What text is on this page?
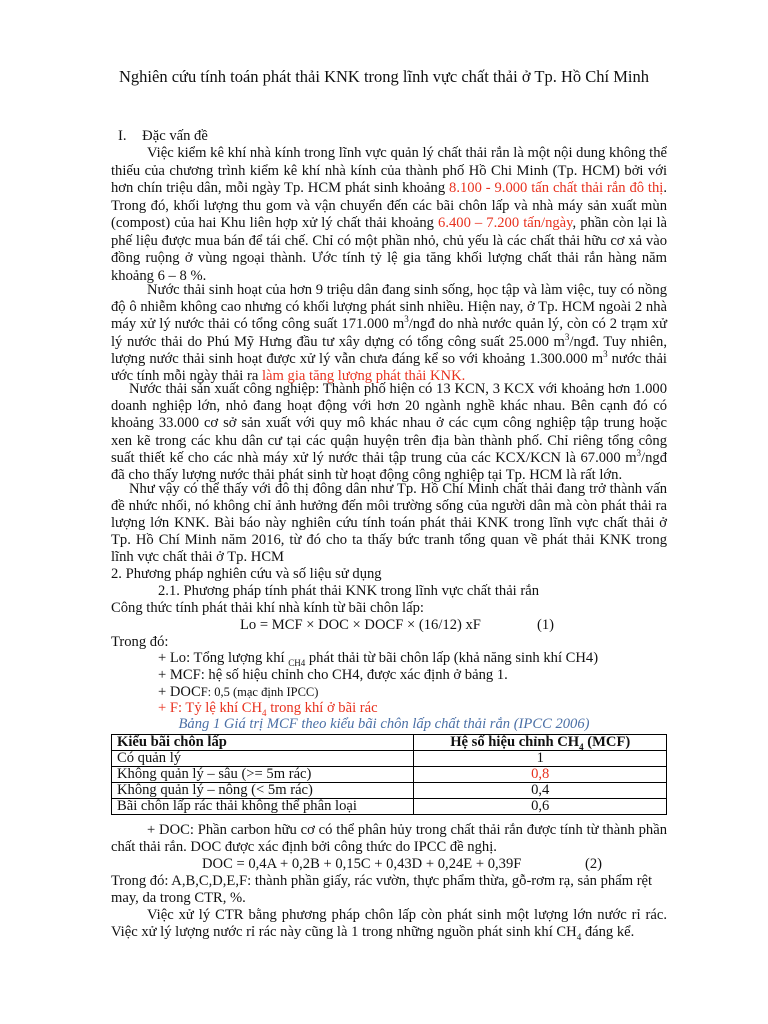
Nghiên cứu tính toán phát thải KNK trong lĩnh vực chất thải ở Tp. Hồ Chí Minh
I. Đặc vấn đề

Việc kiểm kê khí nhà kính trong lĩnh vực quản lý chất thải rắn là một nội dung không thể thiếu của chương trình kiểm kê khí nhà kính của thành phố Hồ Chi Minh (Tp. HCM) bởi với hơn chín triệu dân, mỗi ngày Tp. HCM phát sinh khoảng 8.100 - 9.000 tấn chất thải rắn đô thị. Trong đó, khối lượng thu gom và vận chuyển đến các bãi chôn lấp và nhà máy sản xuất mùn (compost) của hai Khu liên hợp xử lý chất thải khoảng 6.400 – 7.200 tấn/ngày, phần còn lại là phế liệu được mua bán để tái chế. Chỉ có một phần nhỏ, chủ yếu là các chất thải hữu cơ xả vào đồng ruộng ở vùng ngoại thành. Ước tính tỷ lệ gia tăng khối lượng chất thải rắn hàng năm khoảng 6 – 8 %.

Nước thải sinh hoạt của hơn 9 triệu dân đang sinh sống, học tập và làm việc, tuy có nồng độ ô nhiễm không cao nhưng có khối lượng phát sinh nhiều. Hiện nay, ở Tp. HCM ngoài 2 nhà máy xử lý nước thải có tổng công suất 171.000 $m^3$/ngđ do nhà nước quản lý, còn có 2 trạm xử lý nước thải do Phú Mỹ Hưng đầu tư xây dựng có tổng công suất 25.000 $m^3$/ngđ. Tuy nhiên, lượng nước thải sinh hoạt được xử lý vẫn chưa đáng kể so với khoảng 1.300.000 $m^3$ nước thải ước tính mỗi ngày thải ra làm gia tăng lượng phát thải KNK.

Nước thải sản xuất công nghiệp: Thành phố hiện có 13 KCN, 3 KCX với khoảng hơn 1.000 doanh nghiệp lớn, nhỏ đang hoạt động với hơn 20 ngành nghề khác nhau. Bên cạnh đó có khoảng 33.000 cơ sở sản xuất với quy mô khác nhau ở các cụm công nghiệp tập trung hoặc xen kẽ trong các khu dân cư tại các quận huyện trên địa bàn thành phố. Chỉ riêng tổng công suất thiết kế cho các nhà máy xử lý nước thải tập trung của các KCX/KCN là 67.000 $m^3$/ngđ đã cho thấy lượng nước thải phát sinh từ hoạt động công nghiệp tại Tp. HCM là rất lớn.

Như vậy có thể thấy với đô thị đông dân như Tp. Hồ Chí Minh chất thải đang trở thành vấn đề nhức nhối, nó không chỉ ảnh hưởng đến môi trường sống của người dân mà còn phát thải ra lượng lớn KNK. Bài báo này nghiên cứu tính toán phát thải KNK trong lĩnh vực chất thải ở Tp. Hồ Chí Minh năm 2016, từ đó cho ta thấy bức tranh tổng quan về phát thải KNK trong lĩnh vực chất thải ở Tp. HCM

2. Phương pháp nghiên cứu và số liệu sử dụng
2.1. Phương pháp tính phát thải KNK trong lĩnh vực chất thải rắn
Công thức tính phát thải khí nhà kính từ bãi chôn lấp:
Lo = MCF × DOC × DOCF × (16/12) xF	(1)
Trong đó:
+ Lo: Tổng lượng khí $_{CH4}$ phát thải từ bãi chôn lấp (khả năng sinh khí CH4)
+ MCF: hệ số hiệu chỉnh cho CH4, được xác định ở bảng 1.
+ DOCF: 0,5 (mạc định IPCC)
+ F: Tỷ lệ khí $CH_4$ trong khí ở bãi rác
Bảng 1 Giá trị MCF theo kiểu bãi chôn lấp chất thải rắn (IPCC 2006)
Kiểu bãi chôn lấp	Hệ số hiệu chỉnh $CH_4$ (MCF)
Có quản lý	1
Không quản lý – sâu (>= 5m rác)	0,8
Không quản lý – nông (< 5m rác)	0,4
Bãi chôn lấp rác thải không thể phân loại	0,6
+ DOC: Phần carbon hữu cơ có thể phân hủy trong chất thải rắn được tính từ thành phần chất thải rắn. DOC được xác định bởi công thức do IPCC đề nghị.
DOC = 0,4A + 0,2B + 0,15C + 0,43D + 0,24E + 0,39F	(2)
Trong đó: A,B,C,D,E,F: thành phần giấy, rác vườn, thực phẩm thừa, gỗ-rơm rạ, sản phẩm rệt may, da trong CTR, %.
Việc xử lý CTR bằng phương pháp chôn lấp còn phát sinh một lượng lớn nước rỉ rác. Việc xử lý lượng nước rỉ rác này cũng là 1 trong những nguồn phát sinh khí $CH_4$ đáng kể.
